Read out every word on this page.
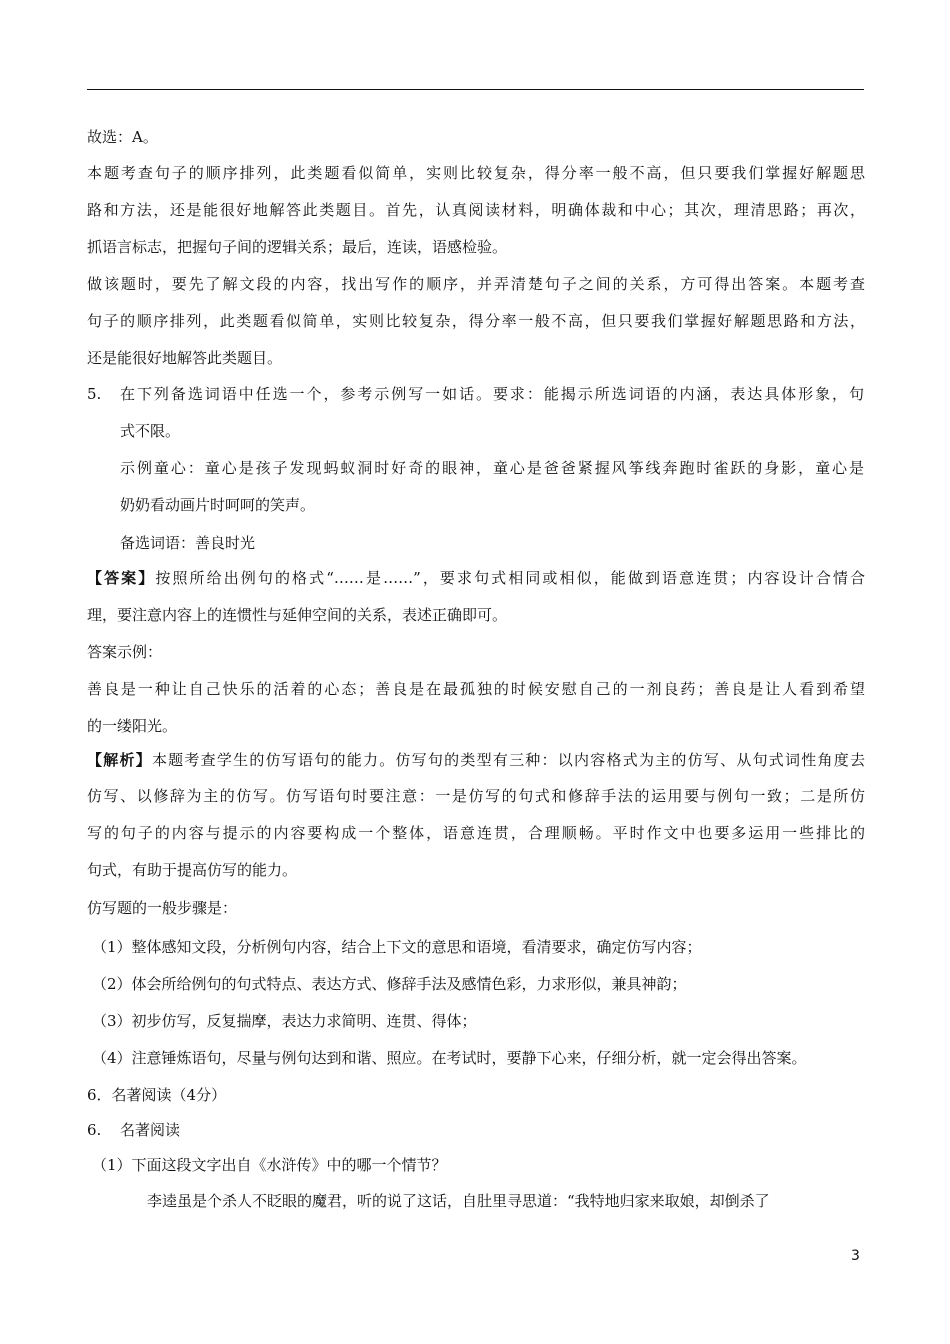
故选：A。
本题考查句子的顺序排列，此类题看似简单，实则比较复杂，得分率一般不高，但只要我们掌握好解题思
路和方法，还是能很好地解答此类题目。首先，认真阅读材料，明确体裁和中心；其次，理清思路；再次，
抓语言标志，把握句子间的逻辑关系；最后，连读，语感检验。
做该题时，要先了解文段的内容，找出写作的顺序，并弄清楚句子之间的关系，方可得出答案。本题考查
句子的顺序排列，此类题看似简单，实则比较复杂，得分率一般不高，但只要我们掌握好解题思路和方法，
还是能很好地解答此类题目。
5. 在下列备选词语中任选一个，参考示例写一如话。要求：能揭示所选词语的内涵，表达具体形象，句
式不限。
示例童心：童心是孩子发现蚂蚁洞时好奇的眼神，童心是爸爸紧握风筝线奔跑时雀跃的身影，童心是
奶奶看动画片时呵呵的笑声。
备选词语：善良时光
【答案】按照所给出例句的格式“……是……”，要求句式相同或相似，能做到语意连贯；内容设计合情合
理，要注意内容上的连惯性与延伸空间的关系，表述正确即可。
答案示例：
善良是一种让自己快乐的活着的心态；善良是在最孤独的时候安慰自己的一剂良药；善良是让人看到希望
的一缕阳光。
【解析】本题考查学生的仿写语句的能力。仿写句的类型有三种：以内容格式为主的仿写、从句式词性角度去
仿写、以修辞为主的仿写。仿写语句时要注意：一是仿写的句式和修辞手法的运用要与例句一致；二是所仿
写的句子的内容与提示的内容要构成一个整体，语意连贯，合理顺畅。平时作文中也要多运用一些排比的
句式，有助于提高仿写的能力。
仿写题的一般步骤是：
（1）整体感知文段，分析例句内容，结合上下文的意思和语境，看清要求，确定仿写内容；
（2）体会所给例句的句式特点、表达方式、修辞手法及感情色彩，力求形似，兼具神韵；
（3）初步仿写，反复揣摩，表达力求简明、连贯、得体；
（4）注意锤炼语句，尽量与例句达到和谐、照应。在考试时，要静下心来，仔细分析，就一定会得出答案。
6．名著阅读（4分）
6. 名著阅读
（1）下面这段文字出自《水浒传》中的哪一个情节？
李逵虽是个杀人不眨眼的魔君，听的说了这话，自肚里寻思道：“我特地归家来取娘，却倒杀了
3
